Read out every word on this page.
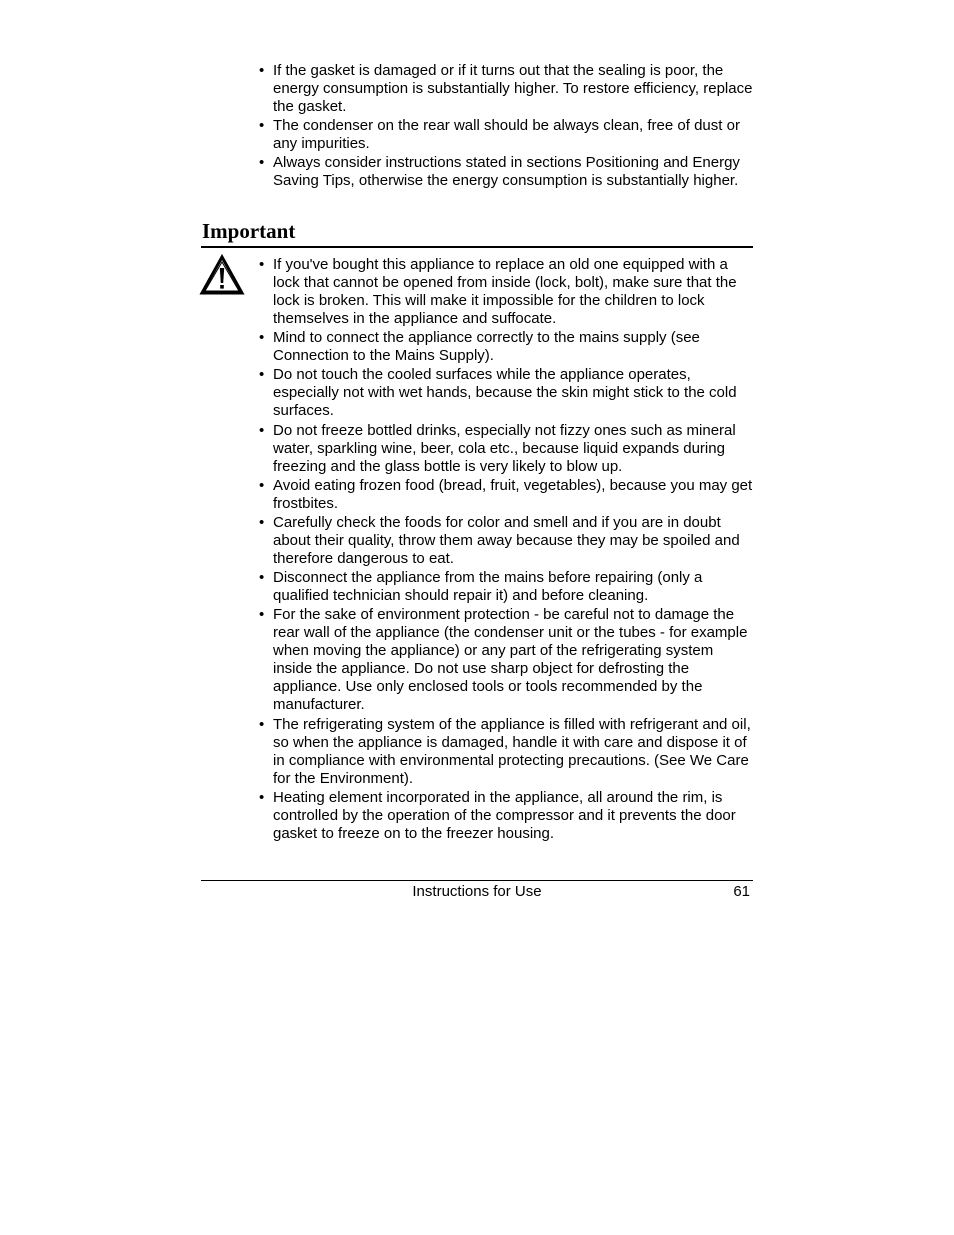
• If the gasket is damaged or if it turns out that the sealing is poor, the energy consumption is substantially higher. To restore efficiency, replace the gasket.
• The condenser on the rear wall should be always clean, free of dust or any impurities.
• Always consider instructions stated in sections Positioning and Energy Saving Tips, otherwise the energy consumption is substantially higher.
Important
• If you've bought this appliance to replace an old one equipped with a lock that cannot be opened from inside (lock, bolt), make sure that the lock is broken. This will make it impossible for the children to lock themselves in the appliance and suffocate.
• Mind to connect the appliance correctly to the mains supply (see Connection to the Mains Supply).
• Do not touch the cooled surfaces while the appliance operates, especially not with wet hands, because the skin might stick to the cold surfaces.
• Do not freeze bottled drinks, especially not fizzy ones such as mineral water, sparkling wine, beer, cola etc., because liquid expands during freezing and the glass bottle is very likely to blow up.
• Avoid eating frozen food (bread, fruit, vegetables), because you may get frostbites.
• Carefully check the foods for color and smell and if you are in doubt about their quality, throw them away because they may be spoiled and therefore dangerous to eat.
• Disconnect the appliance from the mains before repairing (only a qualified technician should repair it) and before cleaning.
• For the sake of environment protection - be careful not to damage the rear wall of the appliance (the condenser unit or the tubes - for example when moving the appliance) or any part of the refrigerating system inside the appliance. Do not use sharp object for defrosting the appliance. Use only enclosed tools or tools recommended by the manufacturer.
• The refrigerating system of the appliance is filled with refrigerant and oil, so when the appliance is damaged, handle it with care and dispose it of in compliance with environmental protecting precautions. (See We Care for the Environment).
• Heating element incorporated in the appliance, all around the rim, is controlled by the operation of the compressor and it prevents the door gasket to freeze on to the freezer housing.
Instructions for Use	61
